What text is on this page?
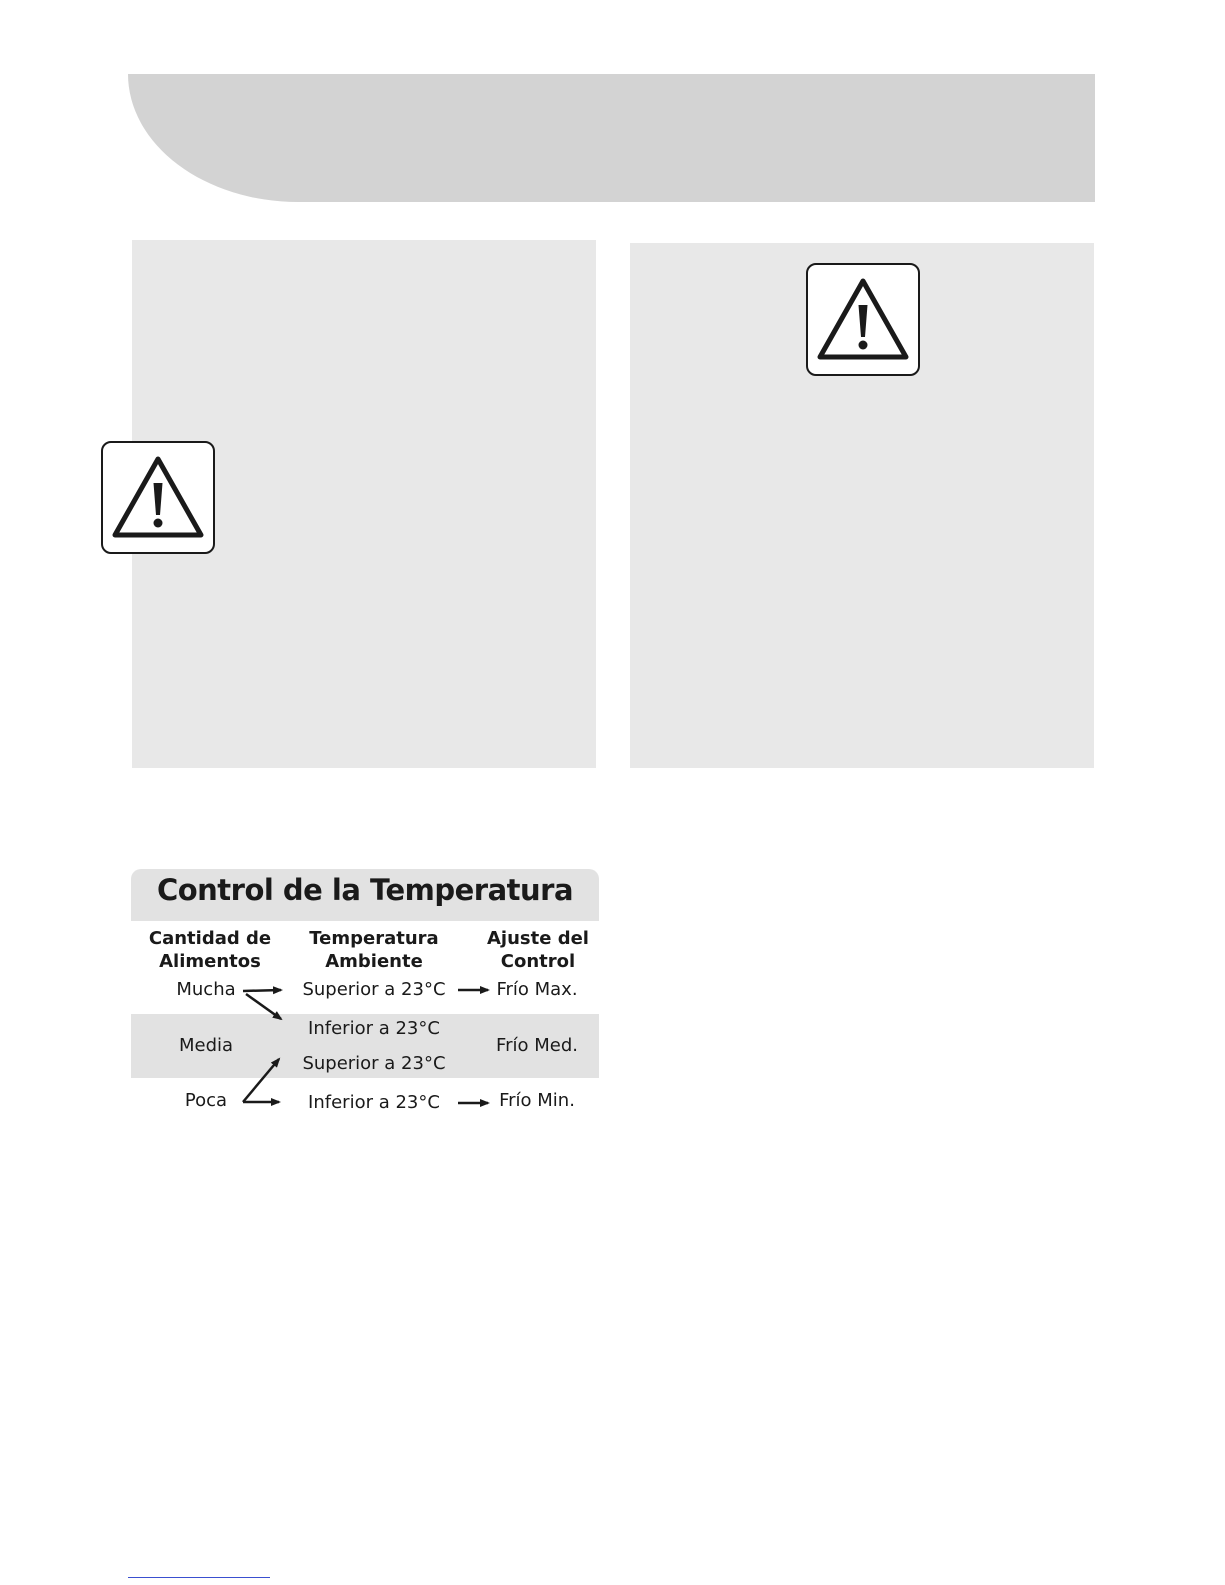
Control de la Temperatura
Cantidad de
Alimentos
Temperatura
Ambiente
Ajuste del
Control
Mucha
Media
Poca
Superior a 23°C
Inferior a 23°C
Superior a 23°C
Inferior a 23°C
Frío Max.
Frío Med.
Frío Min.
